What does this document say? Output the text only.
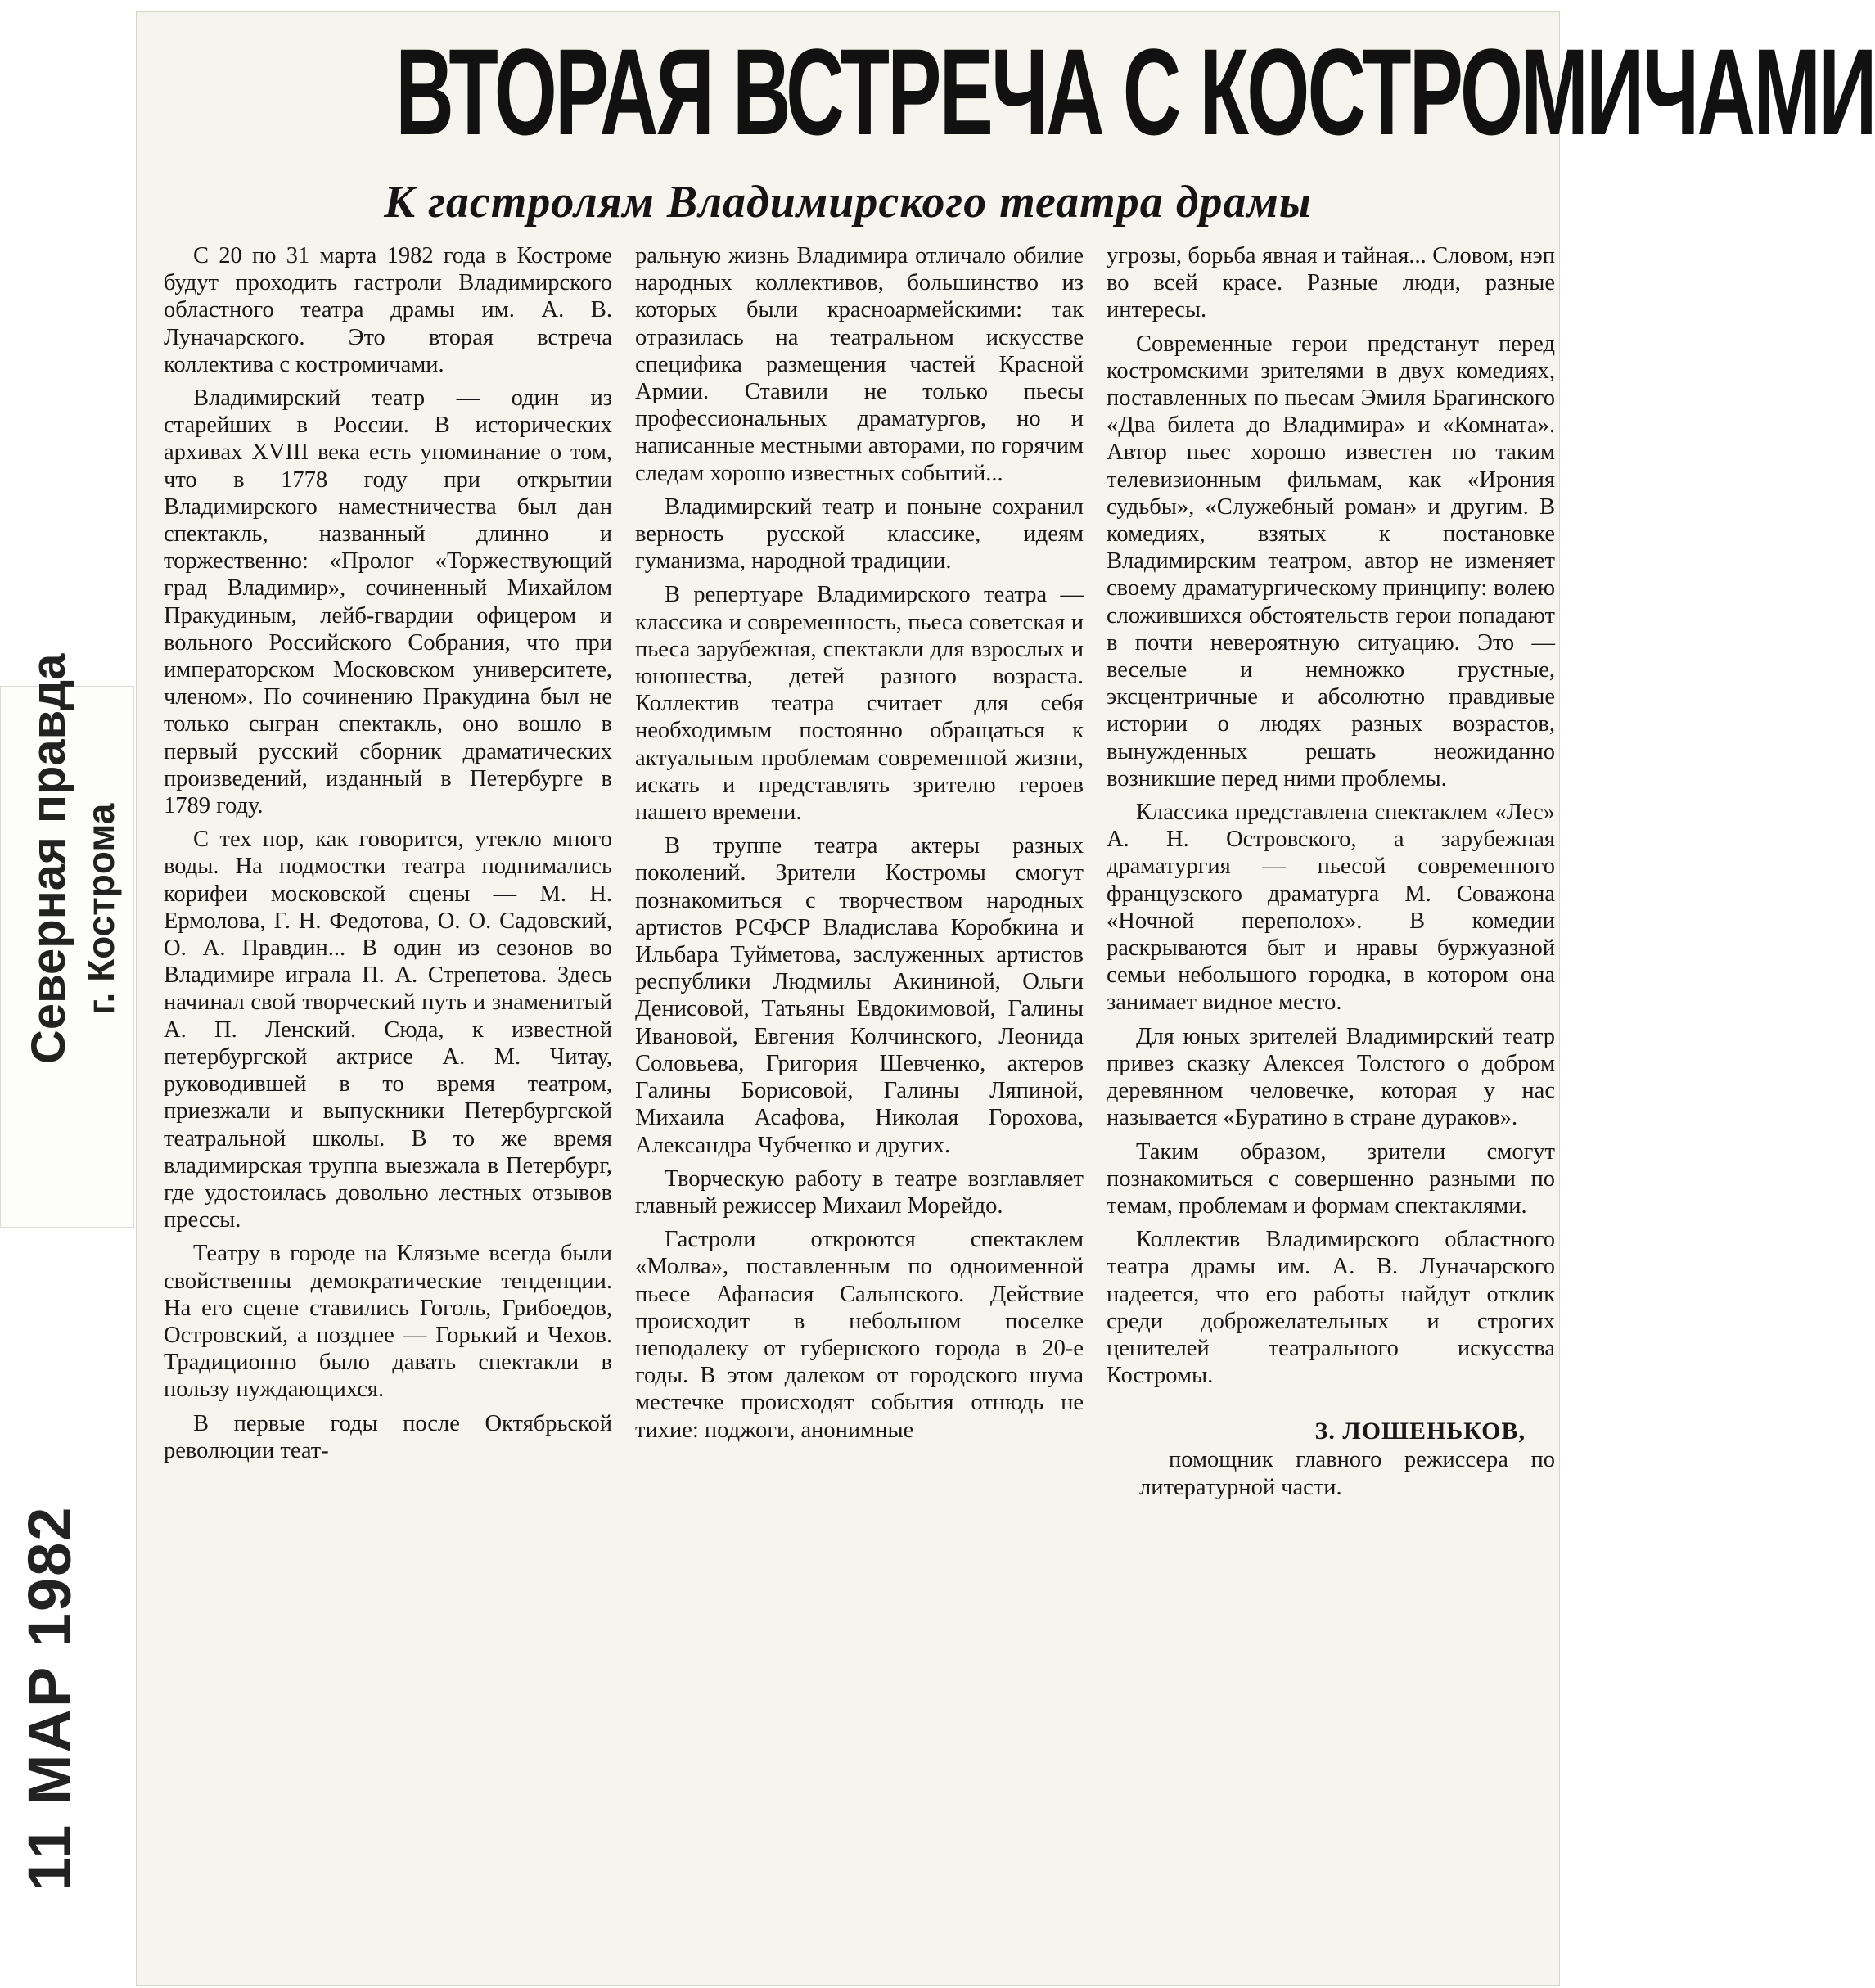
ВТОРАЯ ВСТРЕЧА С КОСТРОМИЧАМИ
К гастролям Владимирского театра драмы

С 20 по 31 марта 1982 года в Костроме будут проходить гастроли Владимирского областного театра драмы им. А. В. Луначарского. Это вторая встреча коллектива с костромичами.

Владимирский театр — один из старейших в России. В исторических архивах XVIII века есть упоминание о том, что в 1778 году при открытии Владимирского наместничества был дан спектакль, названный длинно и торжественно: «Пролог «Торжествующий град Владимир», сочиненный Михайлом Пракудиным, лейб-гвардии офицером и вольного Российского Собрания, что при императорском Московском университете, членом». По сочинению Пракудина был не только сыгран спектакль, оно вошло в первый русский сборник драматических произведений, изданный в Петербурге в 1789 году.

С тех пор, как говорится, утекло много воды. На подмостки театра поднимались корифеи московской сцены — М. Н. Ермолова, Г. Н. Федотова, О. О. Садовский, О. А. Правдин... В один из сезонов во Владимире играла П. А. Стрепетова. Здесь начинал свой творческий путь и знаменитый А. П. Ленский. Сюда, к известной петербургской актрисе А. М. Читау, руководившей в то время театром, приезжали и выпускники Петербургской театральной школы. В то же время владимирская труппа выезжала в Петербург, где удостоилась довольно лестных отзывов прессы.

Театру в городе на Клязьме всегда были свойственны демократические тенденции. На его сцене ставились Гоголь, Грибоедов, Островский, а позднее — Горький и Чехов. Традиционно было давать спектакли в пользу нуждающихся.

В первые годы после Октябрьской революции теат-

ральную жизнь Владимира отличало обилие народных коллективов, большинство из которых были красноармейскими: так отразилась на театральном искусстве специфика размещения частей Красной Армии. Ставили не только пьесы профессиональных драматургов, но и написанные местными авторами, по горячим следам хорошо известных событий...

Владимирский театр и поныне сохранил верность русской классике, идеям гуманизма, народной традиции.

В репертуаре Владимирского театра — классика и современность, пьеса советская и пьеса зарубежная, спектакли для взрослых и юношества, детей разного возраста. Коллектив театра считает для себя необходимым постоянно обращаться к актуальным проблемам современной жизни, искать и представлять зрителю героев нашего времени.

В труппе театра актеры разных поколений. Зрители Костромы смогут познакомиться с творчеством народных артистов РСФСР Владислава Коробкина и Ильбара Туйметова, заслуженных артистов республики Людмилы Акининой, Ольги Денисовой, Татьяны Евдокимовой, Галины Ивановой, Евгения Колчинского, Леонида Соловьева, Григория Шевченко, актеров Галины Борисовой, Галины Ляпиной, Михаила Асафова, Николая Горохова, Александра Чубченко и других.

Творческую работу в театре возглавляет главный режиссер Михаил Морейдо.

Гастроли откроются спектаклем «Молва», поставленным по одноименной пьесе Афанасия Салынского. Действие происходит в небольшом поселке неподалеку от губернского города в 20-е годы. В этом далеком от городского шума местечке происходят события отнюдь не тихие: поджоги, анонимные

угрозы, борьба явная и тайная... Словом, нэп во всей красе. Разные люди, разные интересы.

Современные герои предстанут перед костромскими зрителями в двух комедиях, поставленных по пьесам Эмиля Брагинского «Два билета до Владимира» и «Комната». Автор пьес хорошо известен по таким телевизионным фильмам, как «Ирония судьбы», «Служебный роман» и другим. В комедиях, взятых к постановке Владимирским театром, автор не изменяет своему драматургическому принципу: волею сложившихся обстоятельств герои попадают в почти невероятную ситуацию. Это — веселые и немножко грустные, эксцентричные и абсолютно правдивые истории о людях разных возрастов, вынужденных решать неожиданно возникшие перед ними проблемы.

Классика представлена спектаклем «Лес» А. Н. Островского, а зарубежная драматургия — пьесой современного французского драматурга М. Соважона «Ночной переполох». В комедии раскрываются быт и нравы буржуазной семьи небольшого городка, в котором она занимает видное место.

Для юных зрителей Владимирский театр привез сказку Алексея Толстого о добром деревянном человечке, которая у нас называется «Буратино в стране дураков».

Таким образом, зрители смогут познакомиться с совершенно разными по темам, проблемам и формам спектаклями.

Коллектив Владимирского областного театра драмы им. А. В. Луначарского надеется, что его работы найдут отклик среди доброжелательных и строгих ценителей театрального искусства Костромы.

З. ЛОШЕНЬКОВ,

помощник главного режиссера по литературной части.

Северная правда г. Кострома
11 МАР 1982
